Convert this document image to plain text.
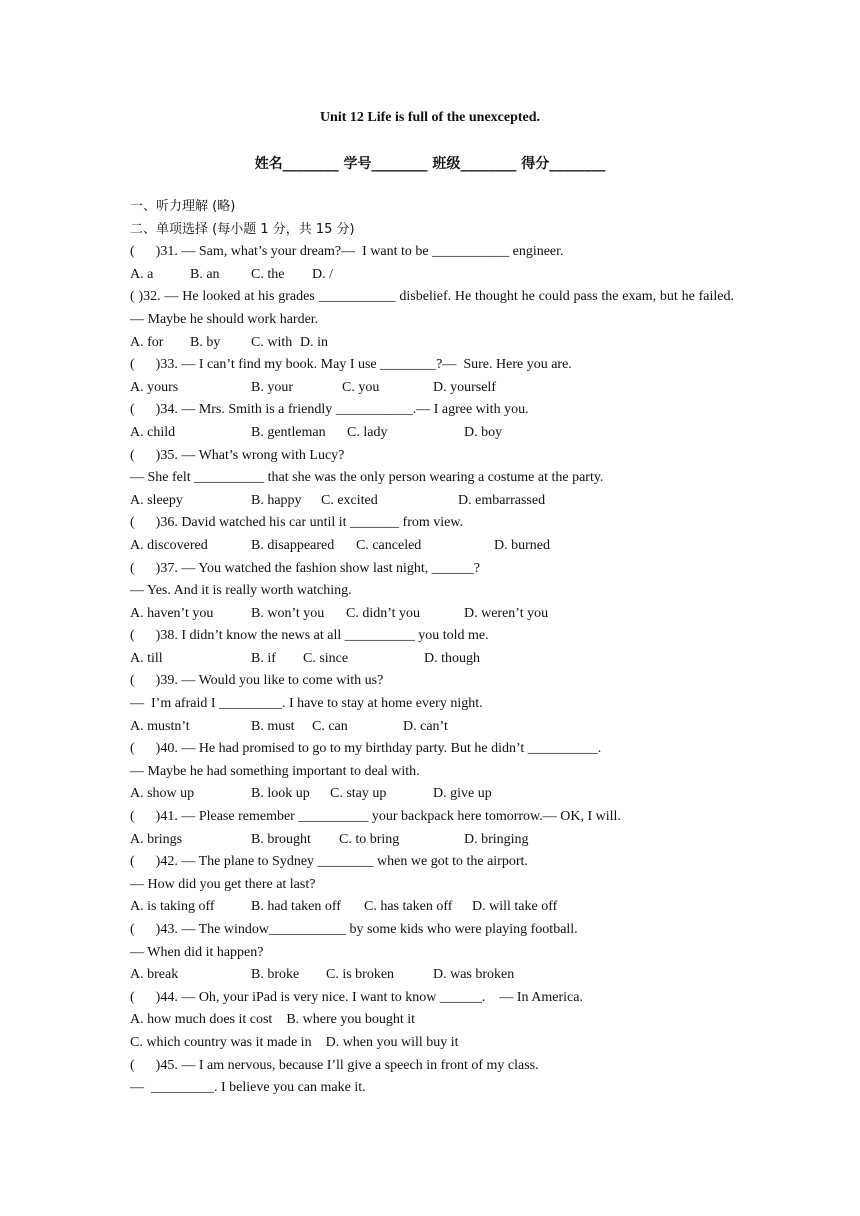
Unit 12 Life is full of the unexcepted.
姓名________ 学号________ 班级________ 得分________
一、听力理解 (略)
二、单项选择 (每小题 1 分，共 15 分)
(      )31. — Sam, what’s your dream?—  I want to be ___________ engineer.
A. a	B. an	C. the	D. /
( )32. — He looked at his grades ___________ disbelief. He thought he could pass the exam, but he failed. — Maybe he should work harder.
A. for	B. by	C. with D. in
(      )33. — I can’t find my book. May I use ________?—  Sure. Here you are.
A. yours	B. your	C. you	D. yourself
(      )34. — Mrs. Smith is a friendly ___________.— I agree with you.
A. child	B. gentleman	C. lady	D. boy
(      )35. — What’s wrong with Lucy?
— She felt __________ that she was the only person wearing a costume at the party.
A. sleepy	B. happy	C. excited	D. embarrassed
(      )36. David watched his car until it _______ from view.
A. discovered	B. disappeared	C. canceled	D. burned
(      )37. — You watched the fashion show last night, ______?
— Yes. And it is really worth watching.
A. haven’t you	B. won’t you	C. didn’t you	D. weren’t you
(      )38. I didn’t know the news at all __________ you told me.
A. till	B. if	C. since	D. though
(      )39. — Would you like to come with us?
—  I’m afraid I _________. I have to stay at home every night.
A. mustn’t	B. must	C. can	D. can’t
(      )40. — He had promised to go to my birthday party. But he didn’t __________.
— Maybe he had something important to deal with.
A. show up	B. look up	C. stay up	D. give up
(      )41. — Please remember __________ your backpack here tomorrow.— OK, I will.
A. brings	B. brought	C. to bring	D. bringing
(      )42. — The plane to Sydney ________ when we got to the airport.
— How did you get there at last?
A. is taking off	B. had taken off	C. has taken off	D. will take off
(      )43. — The window___________ by some kids who were playing football.
— When did it happen?
A. break	B. broke	C. is broken	D. was broken
(      )44. — Oh, your iPad is very nice. I want to know ______.    — In America.
A. how much does it cost B. where you bought it
C. which country was it made in D. when you will buy it
(      )45. — I am nervous, because I’ll give a speech in front of my class.
—  _________. I believe you can make it.
